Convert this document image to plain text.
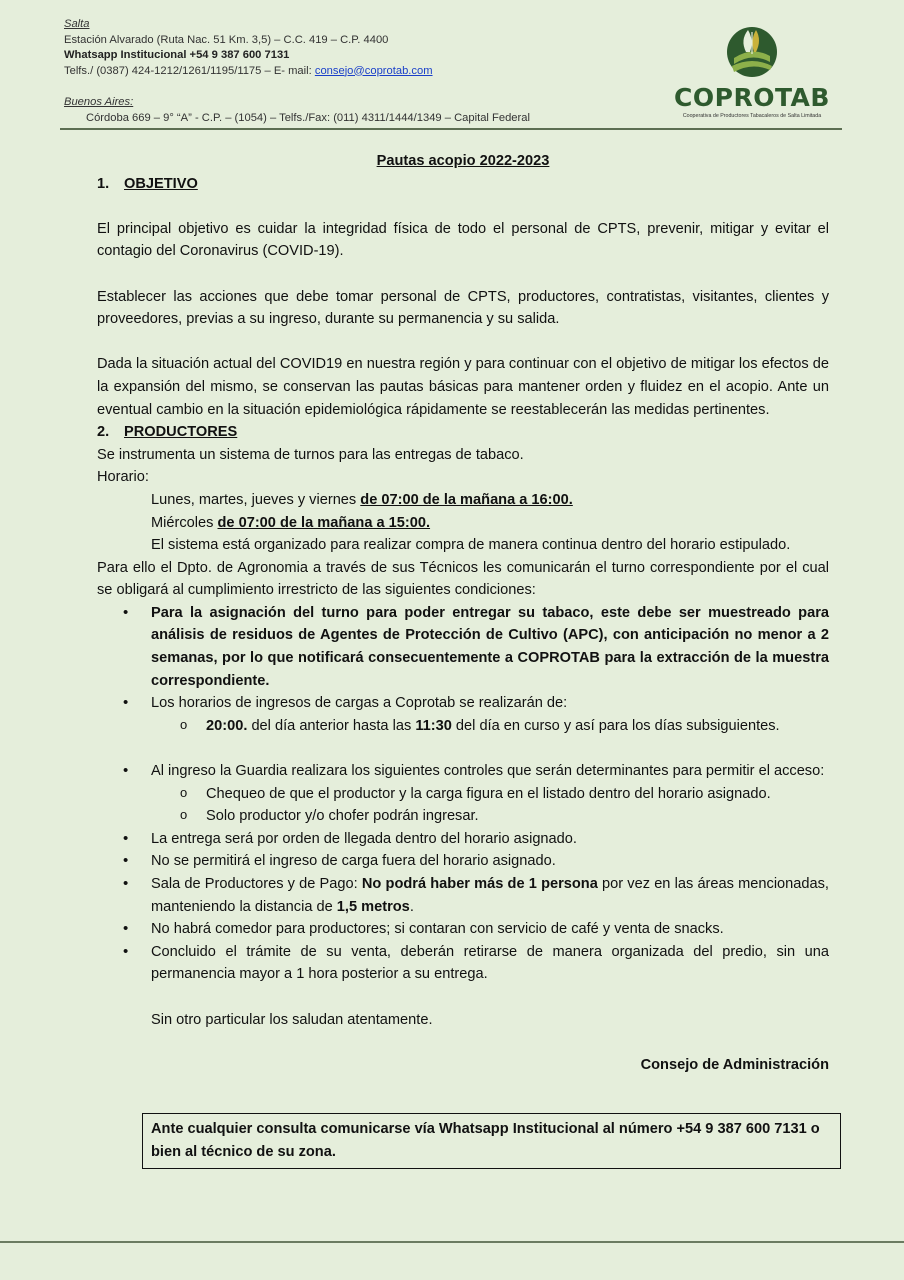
Salta
Estación Alvarado (Ruta Nac. 51 Km. 3,5) – C.C. 419 – C.P. 4400
Whatsapp Institucional +54 9 387 600 7131
Telfs./ (0387) 424-1212/1261/1195/1175 – E- mail: consejo@coprotab.com
Buenos Aires:
Córdoba 669 – 9° “A” - C.P. – (1054) – Telfs./Fax: (011) 4311/1444/1349 – Capital Federal
COPROTAB
Cooperativa de Productores Tabacaleros de Salta Limitada

Pautas acopio 2022-2023

1. OBJETIVO

El principal objetivo es cuidar la integridad física de todo el personal de CPTS, prevenir, mitigar y evitar el contagio del Coronavirus (COVID-19).

Establecer las acciones que debe tomar personal de CPTS, productores, contratistas, visitantes, clientes y proveedores, previas a su ingreso, durante su permanencia y su salida.

Dada la situación actual del COVID19 en nuestra región y para continuar con el objetivo de mitigar los efectos de la expansión del mismo, se conservan las pautas básicas para mantener orden y fluidez en el acopio. Ante un eventual cambio en la situación epidemiológica rápidamente se reestablecerán las medidas pertinentes.

2. PRODUCTORES

Se instrumenta un sistema de turnos para las entregas de tabaco.

Horario:

Lunes, martes, jueves y viernes de 07:00 de la mañana a 16:00.

Miércoles de 07:00 de la mañana a 15:00.

El sistema está organizado para realizar compra de manera continua dentro del horario estipulado.

Para ello el Dpto. de Agronomia a través de sus Técnicos les comunicarán el turno correspondiente por el cual se obligará al cumplimiento irrestricto de las siguientes condiciones:

• Para la asignación del turno para poder entregar su tabaco, este debe ser muestreado para análisis de residuos de Agentes de Protección de Cultivo (APC), con anticipación no menor a 2 semanas, por lo que notificará consecuentemente a COPROTAB para la extracción de la muestra correspondiente.
• Los horarios de ingresos de cargas a Coprotab se realizarán de:
o 20:00. del día anterior hasta las 11:30 del día en curso y así para los días subsiguientes.
• Al ingreso la Guardia realizara los siguientes controles que serán determinantes para permitir el acceso:
o Chequeo de que el productor y la carga figura en el listado dentro del horario asignado.
o Solo productor y/o chofer podrán ingresar.
• La entrega será por orden de llegada dentro del horario asignado.
• No se permitirá el ingreso de carga fuera del horario asignado.
• Sala de Productores y de Pago: No podrá haber más de 1 persona por vez en las áreas mencionadas, manteniendo la distancia de 1,5 metros.
• No habrá comedor para productores; si contaran con servicio de café y venta de snacks.
• Concluido el trámite de su venta, deberán retirarse de manera organizada del predio, sin una permanencia mayor a 1 hora posterior a su entrega.

Sin otro particular los saludan atentamente.

Consejo de Administración

Ante cualquier consulta comunicarse vía Whatsapp Institucional al número +54 9 387 600 7131 o bien al técnico de su zona.
